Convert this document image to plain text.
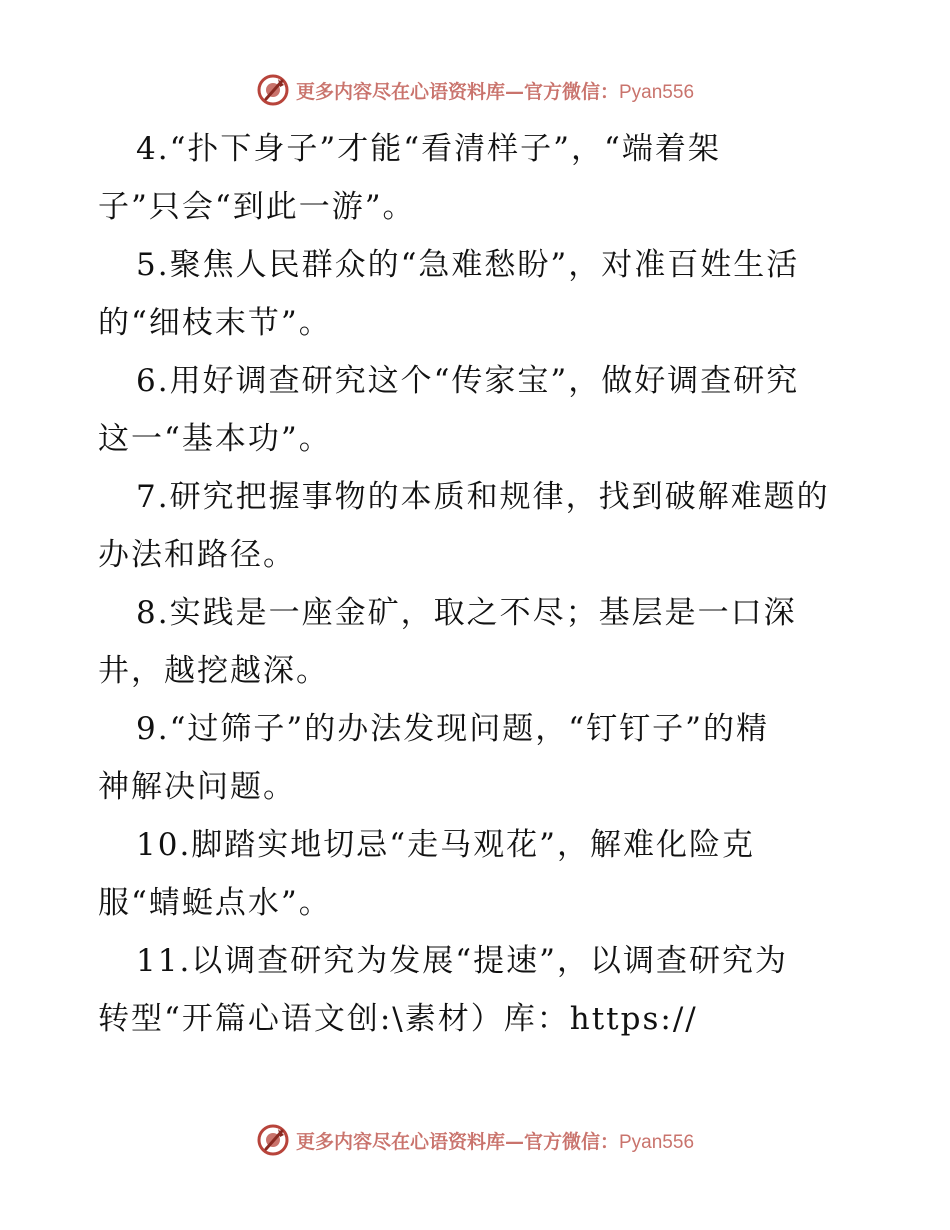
更多内容尽在心语资料库—官方微信：Pyan556

4.“扑下身子”才能“看清样子”，“端着架
子”只会“到此一游”。

5.聚焦人民群众的“急难愁盼”，对准百姓生活
的“细枝末节”。

6.用好调查研究这个“传家宝”，做好调查研究
这一“基本功”。

7.研究把握事物的本质和规律，找到破解难题的
办法和路径。

8.实践是一座金矿，取之不尽；基层是一口深
井，越挖越深。

9.“过筛子”的办法发现问题，“钉钉子”的精
神解决问题。

10.脚踏实地切忌“走马观花”，解难化险克
服“蜻蜓点水”。

11.以调查研究为发展“提速”，以调查研究为
转型“开篇心语文创:\素材）库：https://

更多内容尽在心语资料库—官方微信：Pyan556
